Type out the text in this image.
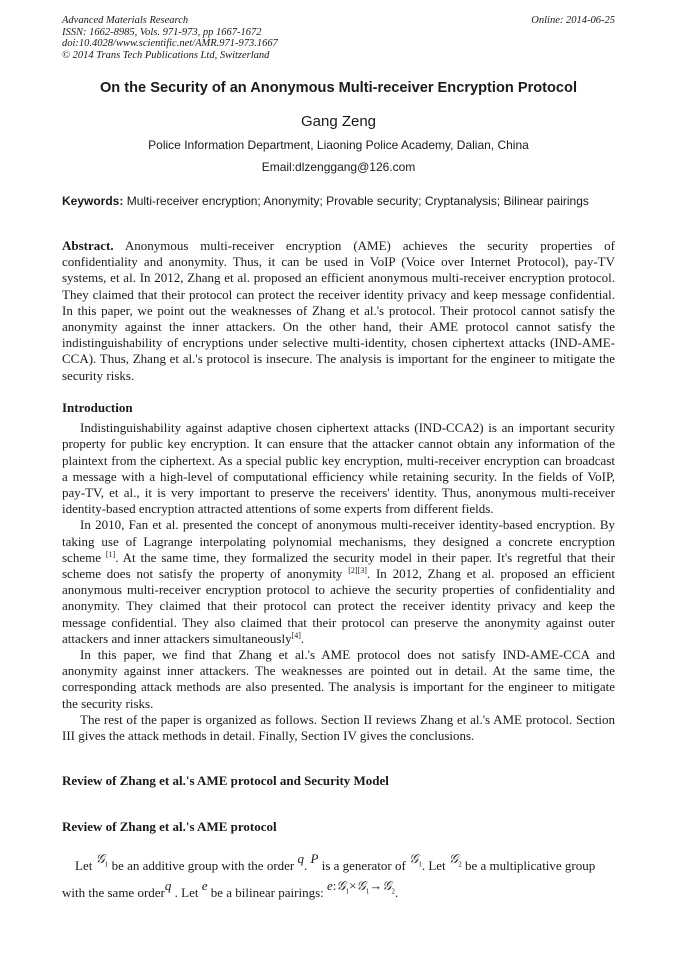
Advanced Materials Research
ISSN: 1662-8985, Vols. 971-973, pp 1667-1672
doi:10.4028/www.scientific.net/AMR.971-973.1667
© 2014 Trans Tech Publications Ltd, Switzerland
Online: 2014-06-25
On the Security of an Anonymous Multi-receiver Encryption Protocol
Gang Zeng
Police Information Department, Liaoning Police Academy, Dalian, China
Email:dlzenggang@126.com
Keywords: Multi-receiver encryption; Anonymity; Provable security; Cryptanalysis; Bilinear pairings

Abstract. Anonymous multi-receiver encryption (AME) achieves the security properties of confidentiality and anonymity. Thus, it can be used in VoIP (Voice over Internet Protocol), pay-TV systems, et al. In 2012, Zhang et al. proposed an efficient anonymous multi-receiver encryption protocol. They claimed that their protocol can protect the receiver identity privacy and keep message confidential. In this paper, we point out the weaknesses of Zhang et al.'s protocol. Their protocol cannot satisfy the anonymity against the inner attackers. On the other hand, their AME protocol cannot satisfy the indistinguishability of encryptions under selective multi-identity, chosen ciphertext attacks (IND-AME-CCA). Thus, Zhang et al.'s protocol is insecure. The analysis is important for the engineer to mitigate the security risks.

Introduction

Indistinguishability against adaptive chosen ciphertext attacks (IND-CCA2) is an important security property for public key encryption. It can ensure that the attacker cannot obtain any information of the plaintext from the ciphertext. As a special public key encryption, multi-receiver encryption can broadcast a message with a high-level of computational efficiency while retaining security. In the fields of VoIP, pay-TV, et al., it is very important to preserve the receivers' identity. Thus, anonymous multi-receiver identity-based encryption attracted attentions of some experts from different fields.

In 2010, Fan et al. presented the concept of anonymous multi-receiver identity-based encryption. By taking use of Lagrange interpolating polynomial mechanisms, they designed a concrete encryption scheme [1]. At the same time, they formalized the security model in their paper. It's regretful that their scheme does not satisfy the property of anonymity [2][3]. In 2012, Zhang et al. proposed an efficient anonymous multi-receiver encryption protocol to achieve the security properties of confidentiality and anonymity. They claimed that their protocol can protect the receiver identity privacy and keep the message confidential. They also claimed that their protocol can preserve the anonymity against outer attackers and inner attackers simultaneously[4].

In this paper, we find that Zhang et al.'s AME protocol does not satisfy IND-AME-CCA and anonymity against inner attackers. The weaknesses are pointed out in detail. At the same time, the corresponding attack methods are also presented. The analysis is important for the engineer to mitigate the security risks.

The rest of the paper is organized as follows. Section II reviews Zhang et al.'s AME protocol. Section III gives the attack methods in detail. Finally, Section IV gives the conclusions.

Review of Zhang et al.'s AME protocol and Security Model
Review of Zhang et al.'s AME protocol
Let 𝒢$_1$ be an additive group with the order q. P is a generator of 𝒢$_1$. Let 𝒢$_2$ be a multiplicative group with the same orderq . Let e be a bilinear pairings: e:𝒢$_1$×𝒢$_1$→𝒢$_2$.
